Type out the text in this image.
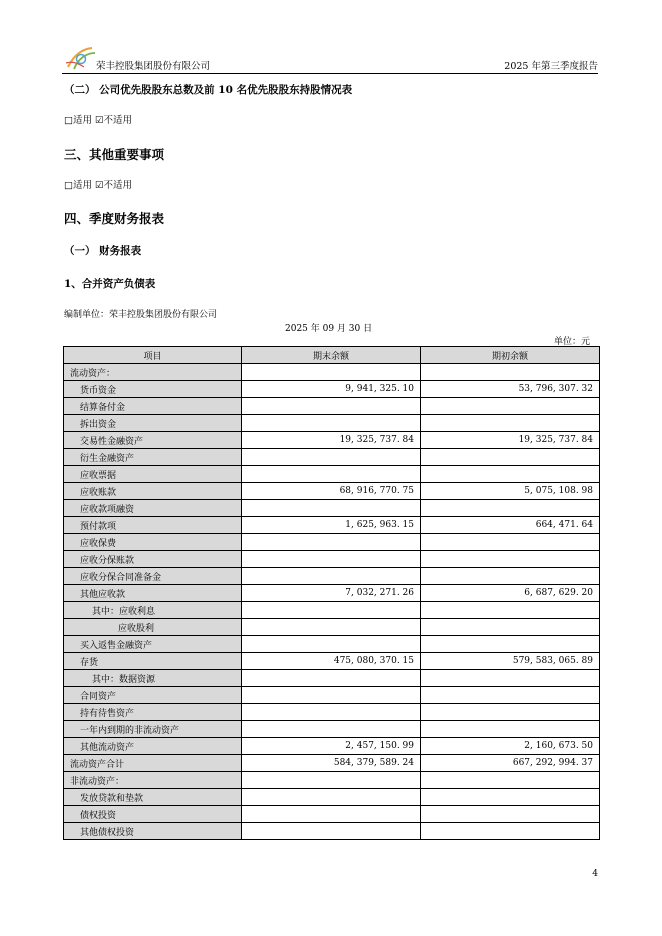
荣丰控股集团股份有限公司	2025 年第三季度报告
（二） 公司优先股股东总数及前 10 名优先股股东持股情况表
□适用 ☑不适用
三、其他重要事项
□适用 ☑不适用
四、季度财务报表
（一） 财务报表
1、合并资产负债表
编制单位：荣丰控股集团股份有限公司
2025 年 09 月 30 日
单位：元
项目	期末余额	期初余额
流动资产：		
货币资金	9, 941, 325. 10	53, 796, 307. 32
结算备付金		
拆出资金		
交易性金融资产	19, 325, 737. 84	19, 325, 737. 84
衍生金融资产		
应收票据		
应收账款	68, 916, 770. 75	5, 075, 108. 98
应收款项融资		
预付款项	1, 625, 963. 15	664, 471. 64
应收保费		
应收分保账款		
应收分保合同准备金		
其他应收款	7, 032, 271. 26	6, 687, 629. 20
其中：应收利息		
应收股利		
买入返售金融资产		
存货	475, 080, 370. 15	579, 583, 065. 89
其中：数据资源		
合同资产		
持有待售资产		
一年内到期的非流动资产		
其他流动资产	2, 457, 150. 99	2, 160, 673. 50
流动资产合计	584, 379, 589. 24	667, 292, 994. 37
非流动资产：		
发放贷款和垫款		
债权投资		
其他债权投资		
4
